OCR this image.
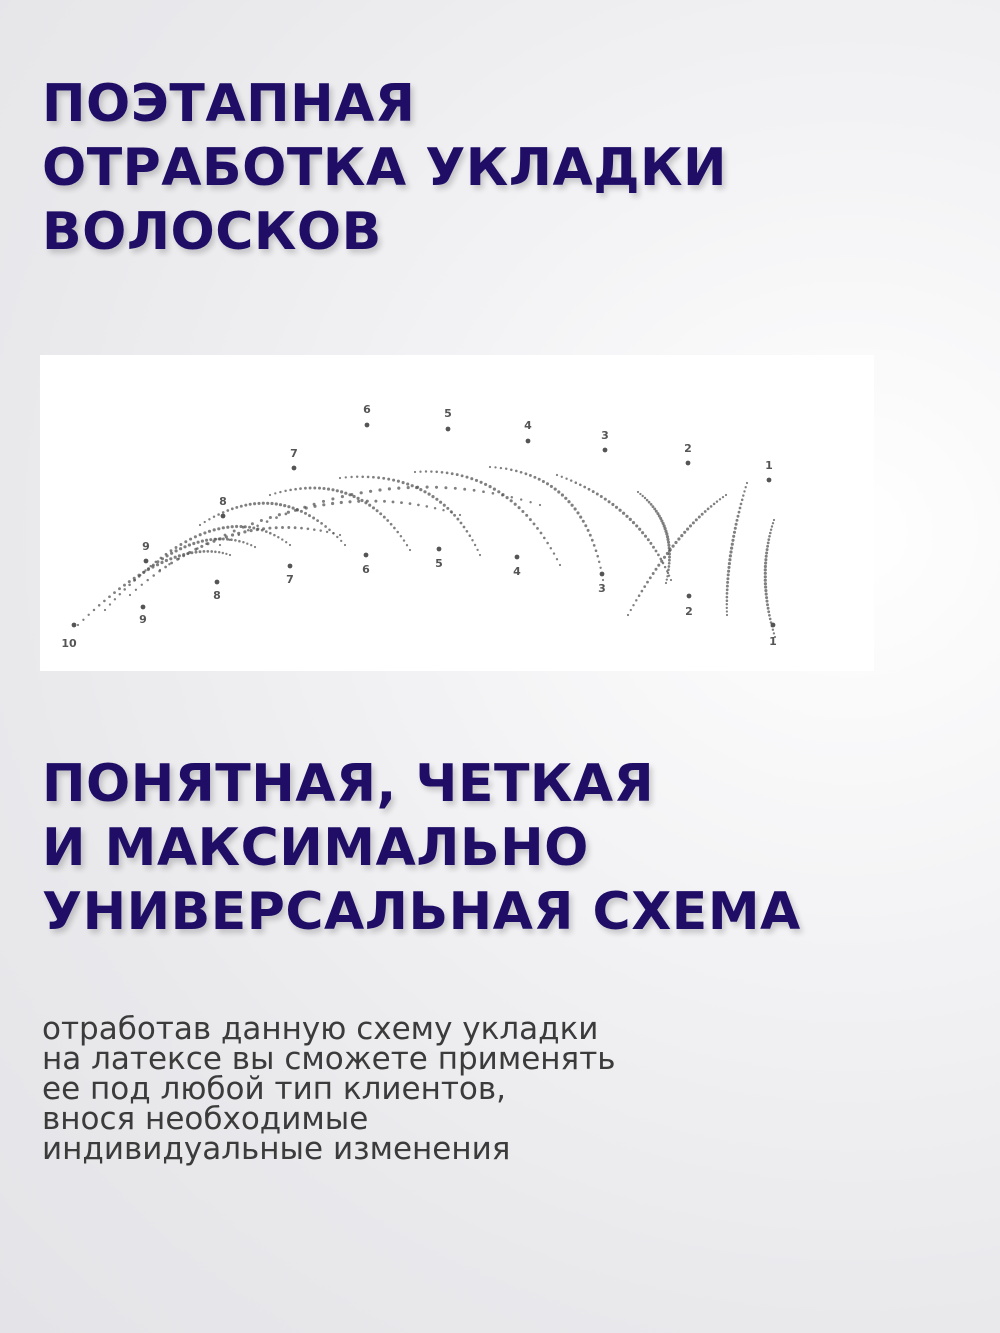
ПОЭТАПНАЯ
ОТРАБОТКА УКЛАДКИ
ВОЛОСКОВ
1
2
3
4
5
6
7
8
9
1
2
3
4
5
6
7
8
9
10
ПОНЯТНАЯ, ЧЕТКАЯ
И МАКСИМАЛЬНО
УНИВЕРСАЛЬНАЯ СХЕМА

отработав данную схему укладки
на латексе вы сможете применять
ее под любой тип клиентов,
внося необходимые
индивидуальные изменения
